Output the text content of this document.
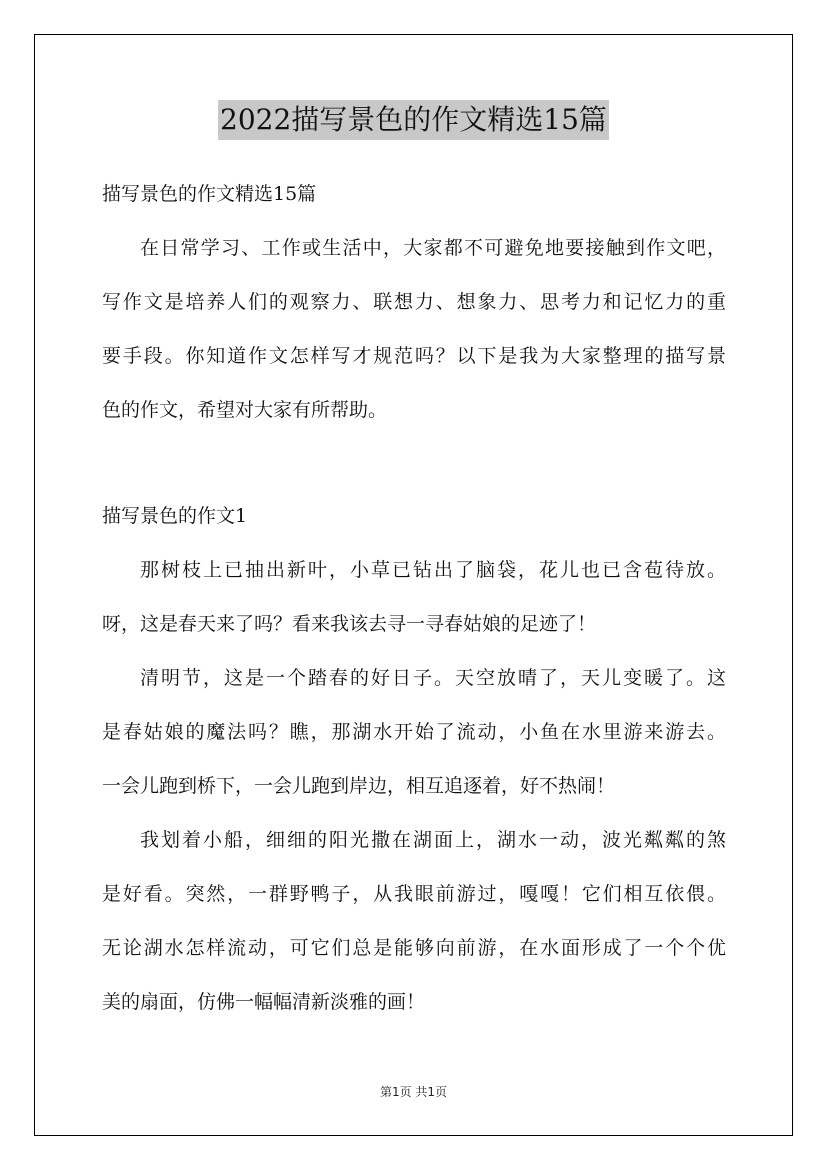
2022描写景色的作文精选15篇
描写景色的作文精选15篇
在日常学习、工作或生活中，大家都不可避免地要接触到作文吧，
写作文是培养人们的观察力、联想力、想象力、思考力和记忆力的重
要手段。你知道作文怎样写才规范吗？以下是我为大家整理的描写景
色的作文，希望对大家有所帮助。
描写景色的作文1
那树枝上已抽出新叶，小草已钻出了脑袋，花儿也已含苞待放。
呀，这是春天来了吗？看来我该去寻一寻春姑娘的足迹了！
清明节，这是一个踏春的好日子。天空放晴了，天儿变暖了。这
是春姑娘的魔法吗？瞧，那湖水开始了流动，小鱼在水里游来游去。
一会儿跑到桥下，一会儿跑到岸边，相互追逐着，好不热闹！
我划着小船，细细的阳光撒在湖面上，湖水一动，波光粼粼的煞
是好看。突然，一群野鸭子，从我眼前游过，嘎嘎！它们相互依偎。
无论湖水怎样流动，可它们总是能够向前游，在水面形成了一个个优
美的扇面，仿佛一幅幅清新淡雅的画！
第1页 共1页
